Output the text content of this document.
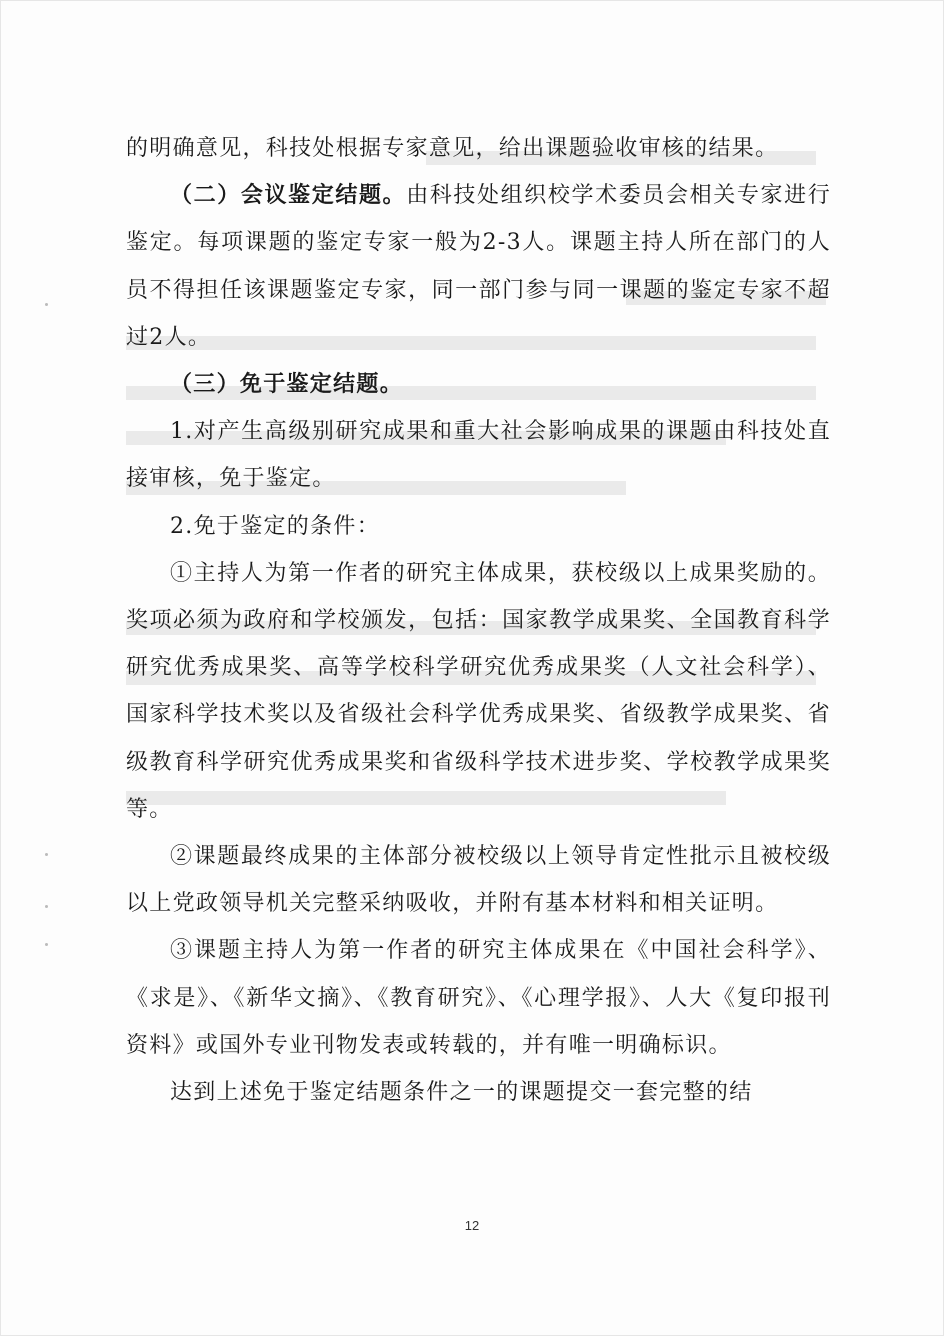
的明确意见，科技处根据专家意见，给出课题验收审核的结果。

（二）会议鉴定结题。由科技处组织校学术委员会相关专家进行鉴定。每项课题的鉴定专家一般为2-3人。课题主持人所在部门的人员不得担任该课题鉴定专家，同一部门参与同一课题的鉴定专家不超过2人。

（三）免于鉴定结题。

1.对产生高级别研究成果和重大社会影响成果的课题由科技处直接审核，免于鉴定。

2.免于鉴定的条件：

①主持人为第一作者的研究主体成果，获校级以上成果奖励的。奖项必须为政府和学校颁发，包括：国家教学成果奖、全国教育科学研究优秀成果奖、高等学校科学研究优秀成果奖（人文社会科学）、国家科学技术奖以及省级社会科学优秀成果奖、省级教学成果奖、省级教育科学研究优秀成果奖和省级科学技术进步奖、学校教学成果奖等。

②课题最终成果的主体部分被校级以上领导肯定性批示且被校级以上党政领导机关完整采纳吸收，并附有基本材料和相关证明。

③课题主持人为第一作者的研究主体成果在《中国社会科学》、《求是》、《新华文摘》、《教育研究》、《心理学报》、人大《复印报刊资料》或国外专业刊物发表或转载的，并有唯一明确标识。

达到上述免于鉴定结题条件之一的课题提交一套完整的结

12
